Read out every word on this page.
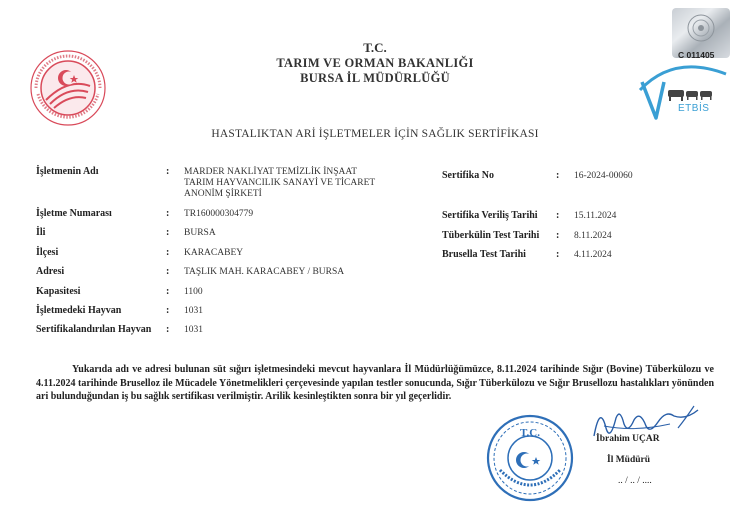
T.C.
TARIM VE ORMAN BAKANLIĞI
BURSA İL MÜDÜRLÜĞÜ
C 011405
ETBİS
HASTALIKTAN ARİ İŞLETMELER İÇİN SAĞLIK SERTİFİKASI
İşletmenin Adı	: MARDER NAKLİYAT TEMİZLİK İNŞAAT
TARIM HAYVANCILIK SANAYİ VE TİCARET
ANONİM ŞİRKETİ
İşletme Numarası	: TR160000304779
İli	: BURSA
İlçesi	: KARACABEY
Adresi	: TAŞLIK MAH. KARACABEY / BURSA
Kapasitesi	: 1100
İşletmedeki Hayvan	: 1031
Sertifikalandırılan Hayvan : 1031
Sertifika No	: 16-2024-00060
Sertifika Veriliş Tarihi : 15.11.2024
Tüberkülin Test Tarihi : 8.11.2024
Brusella Test Tarihi	: 4.11.2024
Yukarıda adı ve adresi bulunan süt sığırı işletmesindeki mevcut hayvanlara İl Müdürlüğümüzce, 8.11.2024 tarihinde Sığır (Bovine) Tüberkülozu ve 4.11.2024 tarihinde Bruselloz ile Mücadele Yönetmelikleri çerçevesinde yapılan testler sonucunda, Sığır Tüberkülozu ve Sığır Brusellozu hastalıkları yönünden ari bulunduğundan iş bu sağlık sertifikası verilmiştir. Arilik kesinleştikten sonra bir yıl geçerlidir.
T.C.	İbrahim UÇAR
İl Müdürü
.. / .. / ....
